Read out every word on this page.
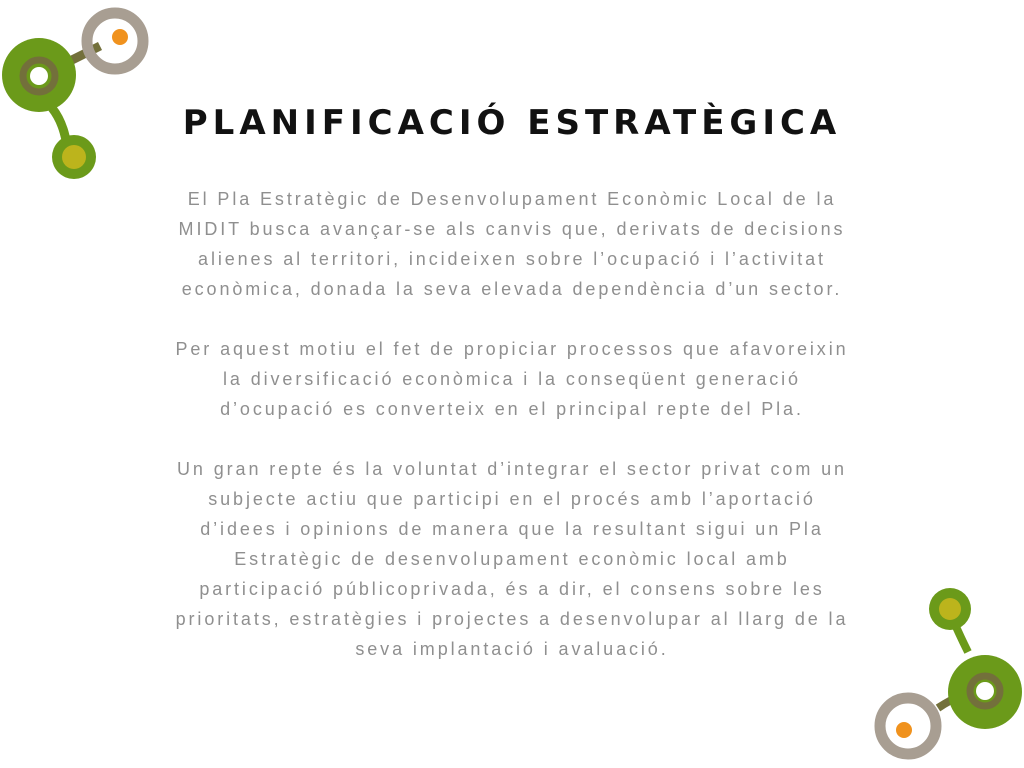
PLANIFICACIÓ ESTRATÈGICA

El Pla Estratègic de Desenvolupament Econòmic Local de la
MIDIT busca avançar-se als canvis que, derivats de decisions
alienes al territori, incideixen sobre l’ocupació i l’activitat
econòmica, donada la seva elevada dependència d’un sector.

Per aquest motiu el fet de propiciar processos que afavoreixin
la diversificació econòmica i la conseqüent generació
d’ocupació es converteix en el principal repte del Pla.

Un gran repte és la voluntat d’integrar el sector privat com un
subjecte actiu que participi en el procés amb l’aportació
d’idees i opinions de manera que la resultant sigui un Pla
Estratègic de desenvolupament econòmic local amb
participació públicoprivada, és a dir, el consens sobre les
prioritats, estratègies i projectes a desenvolupar al llarg de la
seva implantació i avaluació.
